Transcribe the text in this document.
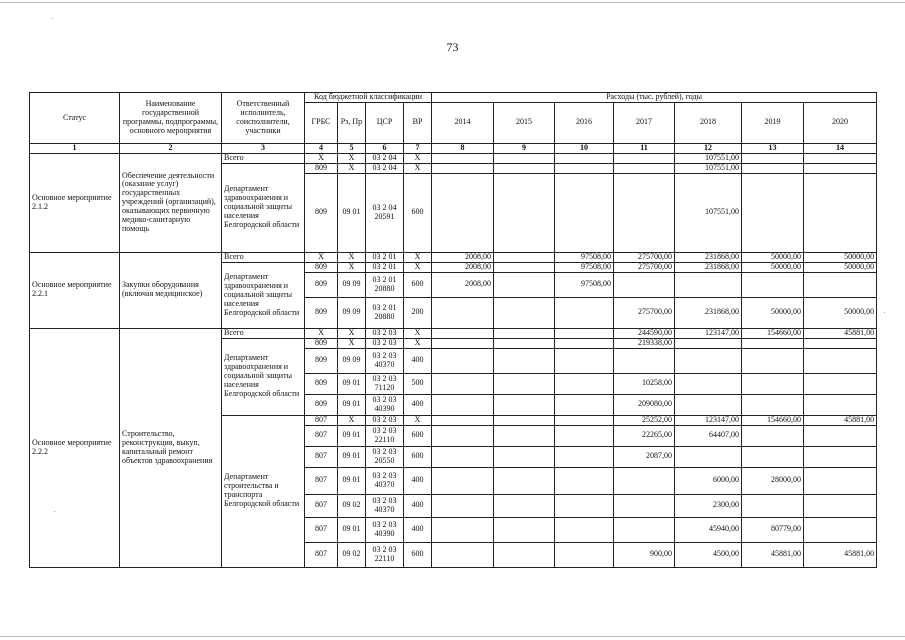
73
Статус	Наименование государственной программы, подпрограммы, основного мероприятия	Ответственный исполнитель, соисполнители, участники	Код бюджетной классификации				Расходы (тыс. рублей), годы						
			ГРБС	Рз, Пр	ЦСР	ВР	2014	2015	2016	2017	2018	2019	2020
1	2	3	4	5	6	7	8	9	10	11	12	13	14
Основное мероприятие 2.1.2	Обеспечение деятельности (оказание услуг) государственных учреждений (организаций), оказывающих первичную медико-санитарную помощь	Всего	Х	Х	03 2 04	Х					107551,00		
		Департамент здравоохранения и социальной защиты населения Белгородской области	809	Х	03 2 04	Х					107551,00		
			809	09 01	03 2 04 20591	600					107551,00		
Основное мероприятие 2.2.1	Закупки оборудования (включая медицинское)	Всего	Х	Х	03 2 01	Х	2008,00		97508,00	275700,00	231868,00	50000,00	50000,00
		Департамент здравоохранения и социальной защиты населения Белгородской области	809	Х	03 2 01	Х	2008,00		97508,00	275700,00	231868,00	50000,00	50000,00
			809	09 09	03 2 01 20880	600	2008,00		97508,00				
			809	09 09	03 2 01 20880	200				275700,00	231868,00	50000,00	50000,00
Основное мероприятие 2.2.2	Строительство, реконструкция, выкуп, капитальный ремонт объектов здравоохранения	Всего	Х	Х	03 2 03	Х				244590,00	123147,00	154660,00	45881,00
		Департамент здравоохранения и социальной защиты населения Белгородской области	809	Х	03 2 03	Х				219338,00			
			809	09 09	03 2 03 40370	400							
			809	09 01	03 2 03 71120	500				10258,00			
			809	09 01	03 2 03 40390	400				209080,00			
		Департамент строительства и транспорта Белгородской области	807	Х	03 2 03	Х				25252,00	123147,00	154660,00	45881,00
			807	09 01	03 2 03 22110	600				22265,00	64407,00		
			807	09 01	03 2 03 20550	600				2087,00			
			807	09 01	03 2 03 40370	400					6000,00	28000,00	
			807	09 02	03 2 03 40370	400					2300,00		
			807	09 01	03 2 03 40390	400					45940,00	80779,00	
			807	09 02	03 2 03 22110	600				900,00	4500,00	45881,00	45881,00
